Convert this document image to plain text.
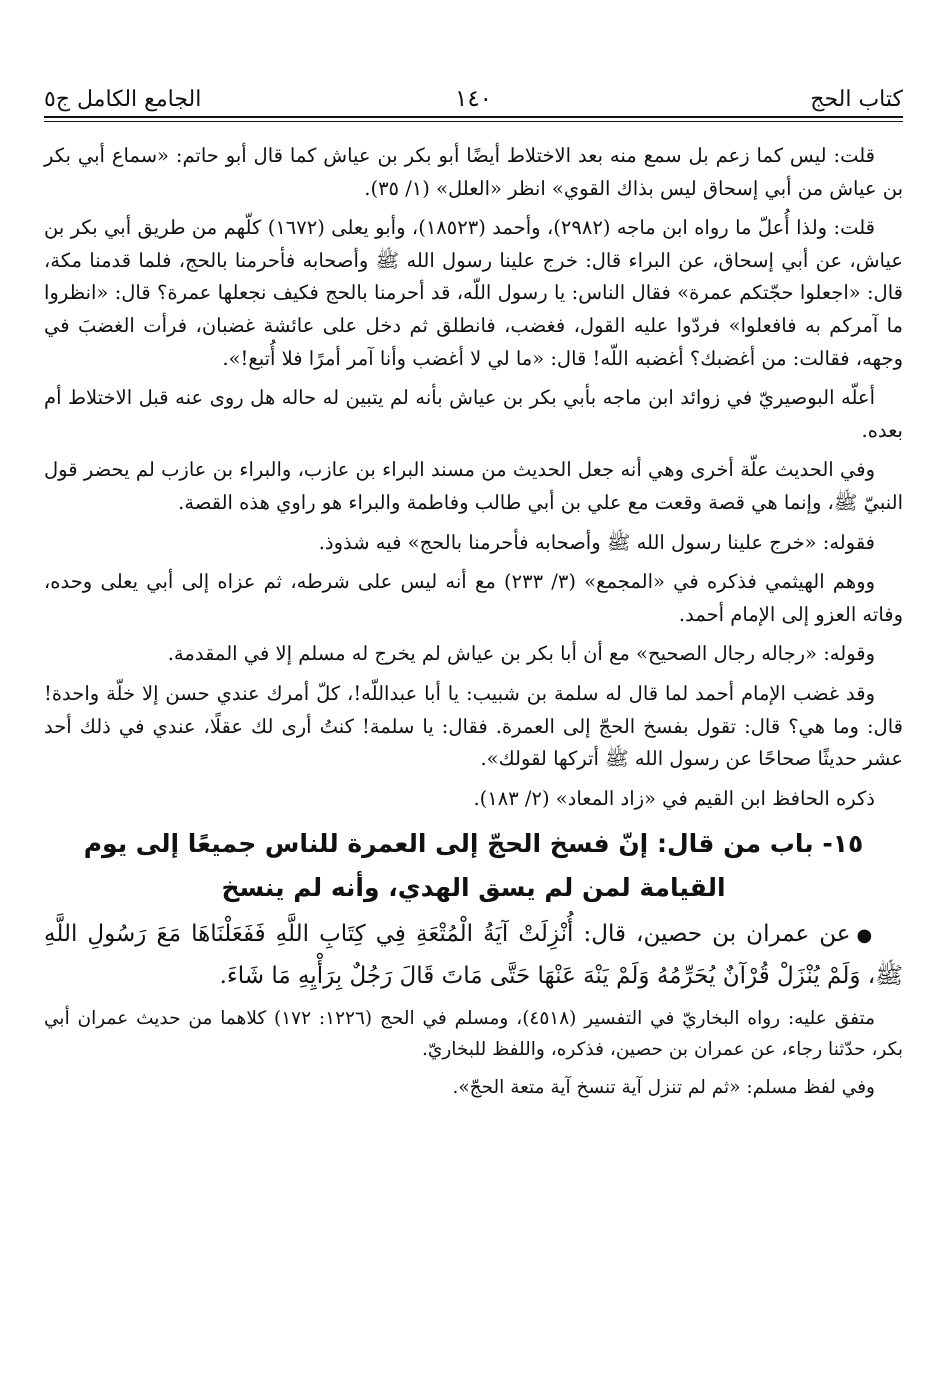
كتاب الحج
١٤٠
الجامع الكامل ج٥

قلت: ليس كما زعم بل سمع منه بعد الاختلاط أيضًا أبو بكر بن عياش كما قال أبو حاتم: «سماع أبي بكر بن عياش من أبي إسحاق ليس بذاك القوي» انظر «العلل» (١/ ٣٥).

قلت: ولذا أُعلّ ما رواه ابن ماجه (٢٩٨٢)، وأحمد (١٨٥٢٣)، وأبو يعلى (١٦٧٢) كلّهم من طريق أبي بكر بن عياش، عن أبي إسحاق، عن البراء قال: خرج علينا رسول الله ﷺ وأصحابه فأحرمنا بالحج، فلما قدمنا مكة، قال: «اجعلوا حجّتكم عمرة» فقال الناس: يا رسول اللّه، قد أحرمنا بالحج فكيف نجعلها عمرة؟ قال: «انظروا ما آمركم به فافعلوا» فردّوا عليه القول، فغضب، فانطلق ثم دخل على عائشة غضبان، فرأت الغضبَ في وجهه، فقالت: من أغضبك؟ أغضبه اللّه! قال: «ما لي لا أغضب وأنا آمر أمرًا فلا أُتبع!».

أعلّه البوصيريّ في زوائد ابن ماجه بأبي بكر بن عياش بأنه لم يتبين له حاله هل روى عنه قبل الاختلاط أم بعده.

وفي الحديث علّة أخرى وهي أنه جعل الحديث من مسند البراء بن عازب، والبراء بن عازب لم يحضر قول النبيّ ﷺ، وإنما هي قصة وقعت مع علي بن أبي طالب وفاطمة والبراء هو راوي هذه القصة.

فقوله: «خرج علينا رسول الله ﷺ وأصحابه فأحرمنا بالحج» فيه شذوذ.

ووهم الهيثمي فذكره في «المجمع» (٣/ ٢٣٣) مع أنه ليس على شرطه، ثم عزاه إلى أبي يعلى وحده، وفاته العزو إلى الإمام أحمد.

وقوله: «رجاله رجال الصحيح» مع أن أبا بكر بن عياش لم يخرج له مسلم إلا في المقدمة.

وقد غضب الإمام أحمد لما قال له سلمة بن شبيب: يا أبا عبداللّه!، كلّ أمرك عندي حسن إلا خلّة واحدة! قال: وما هي؟ قال: تقول بفسخ الحجّ إلى العمرة. فقال: يا سلمة! كنتُ أرى لك عقلًا، عندي في ذلك أحد عشر حديثًا صحاحًا عن رسول الله ﷺ أتركها لقولك».

ذكره الحافظ ابن القيم في «زاد المعاد» (٢/ ١٨٣).

١٥- باب من قال: إنّ فسخ الحجّ إلى العمرة للناس جميعًا إلى يوم القيامة لمن لم يسق الهدي، وأنه لم ينسخ

●عن عمران بن حصين، قال: أُنْزِلَتْ آيَةُ الْمُتْعَةِ فِي كِتَابِ اللَّهِ فَفَعَلْنَاهَا مَعَ رَسُولِ اللَّهِ ﷺ، وَلَمْ يُنْزَلْ قُرْآنٌ يُحَرِّمُهُ وَلَمْ يَنْهَ عَنْهَا حَتَّى مَاتَ قَالَ رَجُلٌ بِرَأْيِهِ مَا شَاءَ.

متفق عليه: رواه البخاريّ في التفسير (٤٥١٨)، ومسلم في الحج (١٢٢٦: ١٧٢) كلاهما من حديث عمران أبي بكر، حدّثنا رجاء، عن عمران بن حصين، فذكره، واللفظ للبخاريّ.

وفي لفظ مسلم: «ثم لم تنزل آية تنسخ آية متعة الحجّ».
